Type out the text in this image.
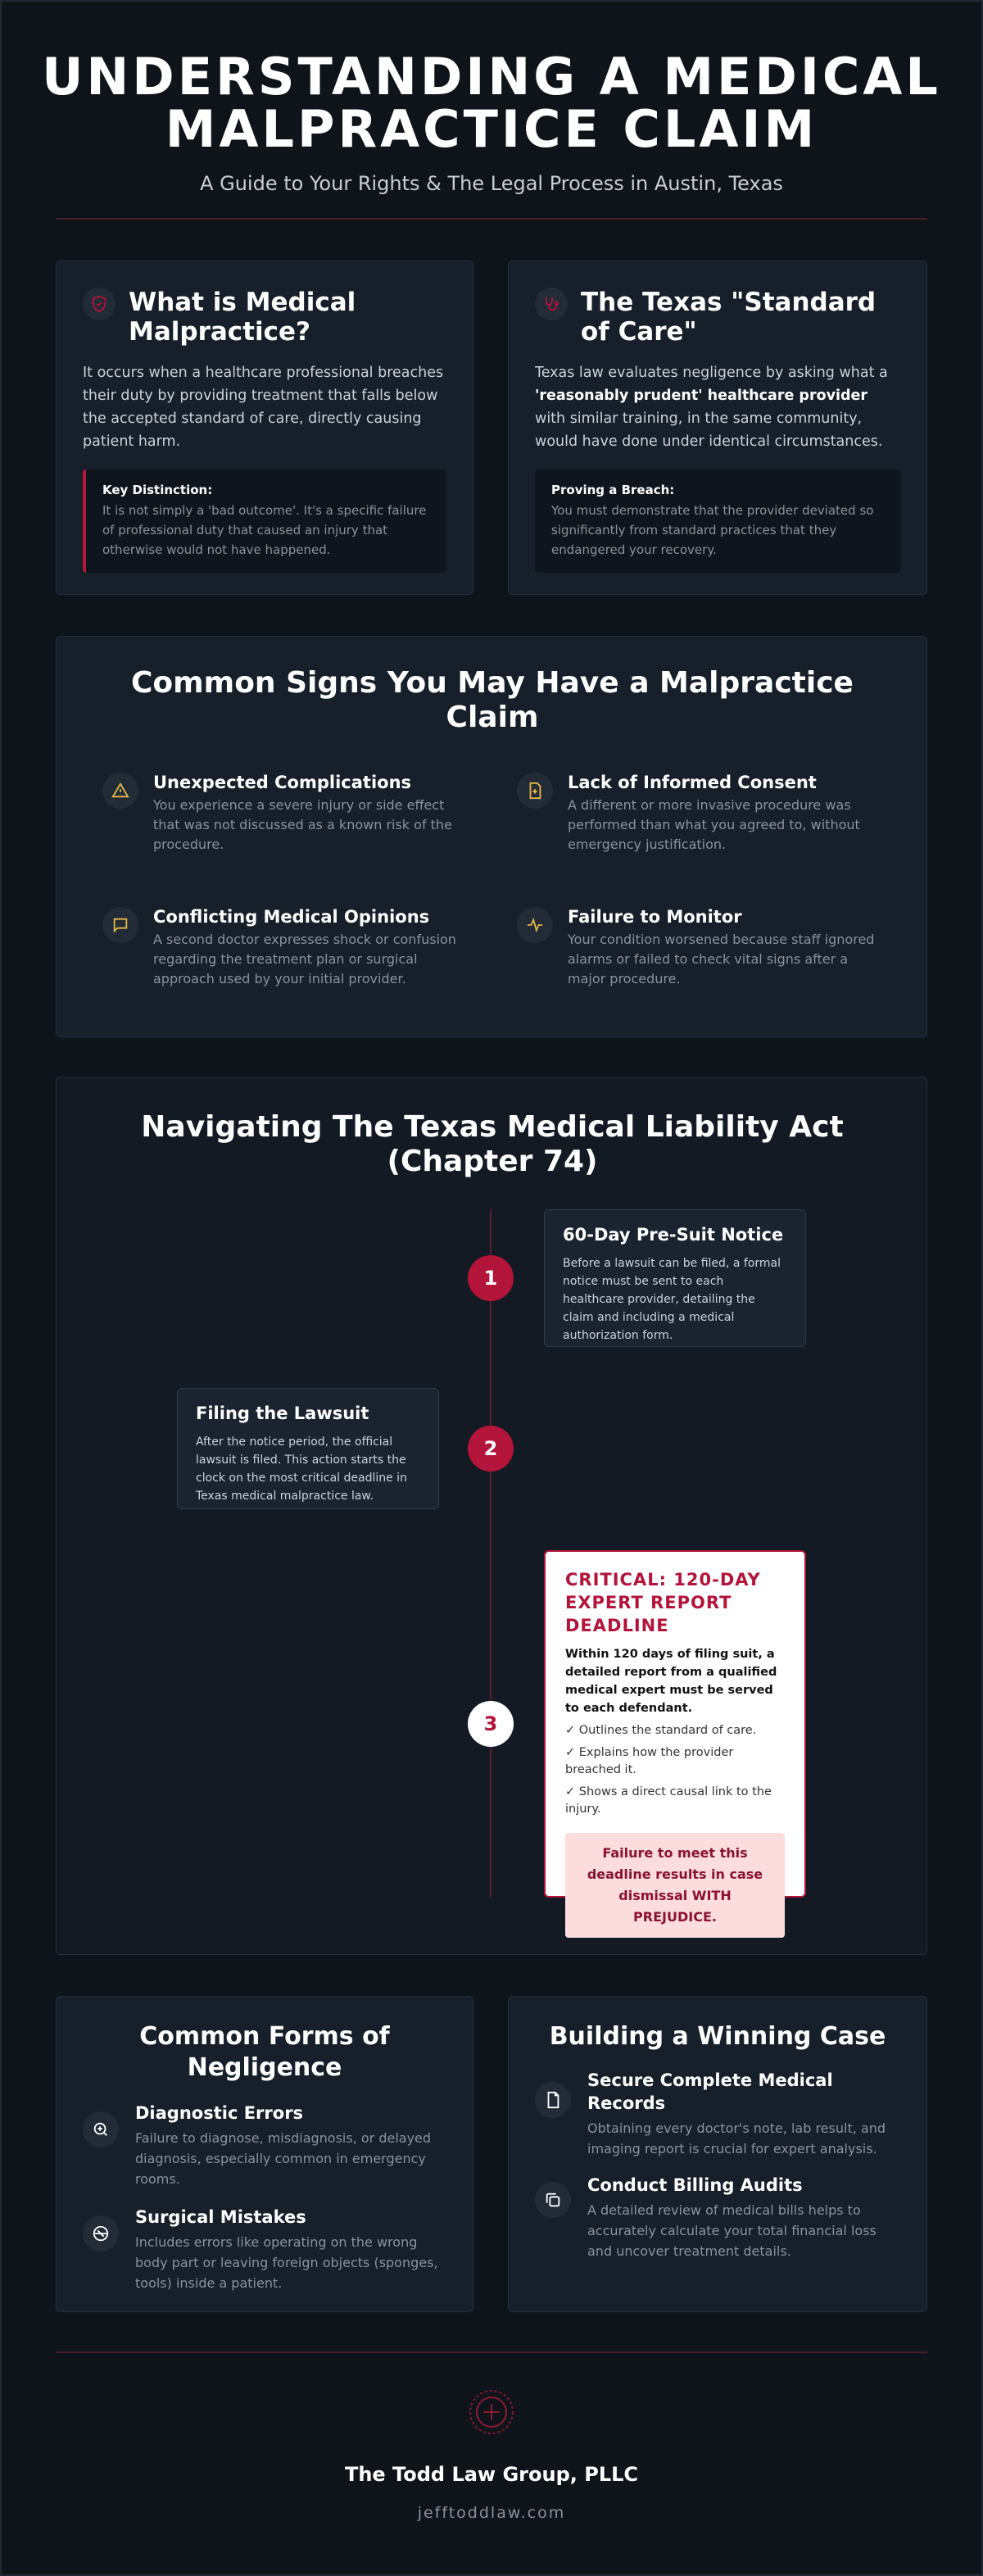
UNDERSTANDING A MEDICAL MALPRACTICE CLAIM
A Guide to Your Rights & The Legal Process in Austin, Texas
What is Medical Malpractice?
It occurs when a healthcare professional breaches their duty by providing treatment that falls below the accepted standard of care, directly causing patient harm.
Key Distinction:
It is not simply a 'bad outcome'. It's a specific failure of professional duty that caused an injury that otherwise would not have happened.
The Texas "Standard of Care"
Texas law evaluates negligence by asking what a 'reasonably prudent' healthcare provider with similar training, in the same community, would have done under identical circumstances.
Proving a Breach:
You must demonstrate that the provider deviated so significantly from standard practices that they endangered your recovery.
Common Signs You May Have a Malpractice Claim
Unexpected Complications
You experience a severe injury or side effect that was not discussed as a known risk of the procedure.
Lack of Informed Consent
A different or more invasive procedure was performed than what you agreed to, without emergency justification.
Conflicting Medical Opinions
A second doctor expresses shock or confusion regarding the treatment plan or surgical approach used by your initial provider.
Failure to Monitor
Your condition worsened because staff ignored alarms or failed to check vital signs after a major procedure.
Navigating The Texas Medical Liability Act (Chapter 74)
1
60-Day Pre-Suit Notice
Before a lawsuit can be filed, a formal notice must be sent to each healthcare provider, detailing the claim and including a medical authorization form.
2
Filing the Lawsuit
After the notice period, the official lawsuit is filed. This action starts the clock on the most critical deadline in Texas medical malpractice law.
3
CRITICAL: 120-DAY EXPERT REPORT DEADLINE
Within 120 days of filing suit, a detailed report from a qualified medical expert must be served to each defendant.
✓ Outlines the standard of care.
✓ Explains how the provider breached it.
✓ Shows a direct causal link to the injury.
Failure to meet this deadline results in case dismissal WITH PREJUDICE.
Common Forms of Negligence
Diagnostic Errors
Failure to diagnose, misdiagnosis, or delayed diagnosis, especially common in emergency rooms.
Surgical Mistakes
Includes errors like operating on the wrong body part or leaving foreign objects (sponges, tools) inside a patient.
Building a Winning Case
Secure Complete Medical Records
Obtaining every doctor's note, lab result, and imaging report is crucial for expert analysis.
Conduct Billing Audits
A detailed review of medical bills helps to accurately calculate your total financial loss and uncover treatment details.
The Todd Law Group, PLLC
jefftoddlaw.com
